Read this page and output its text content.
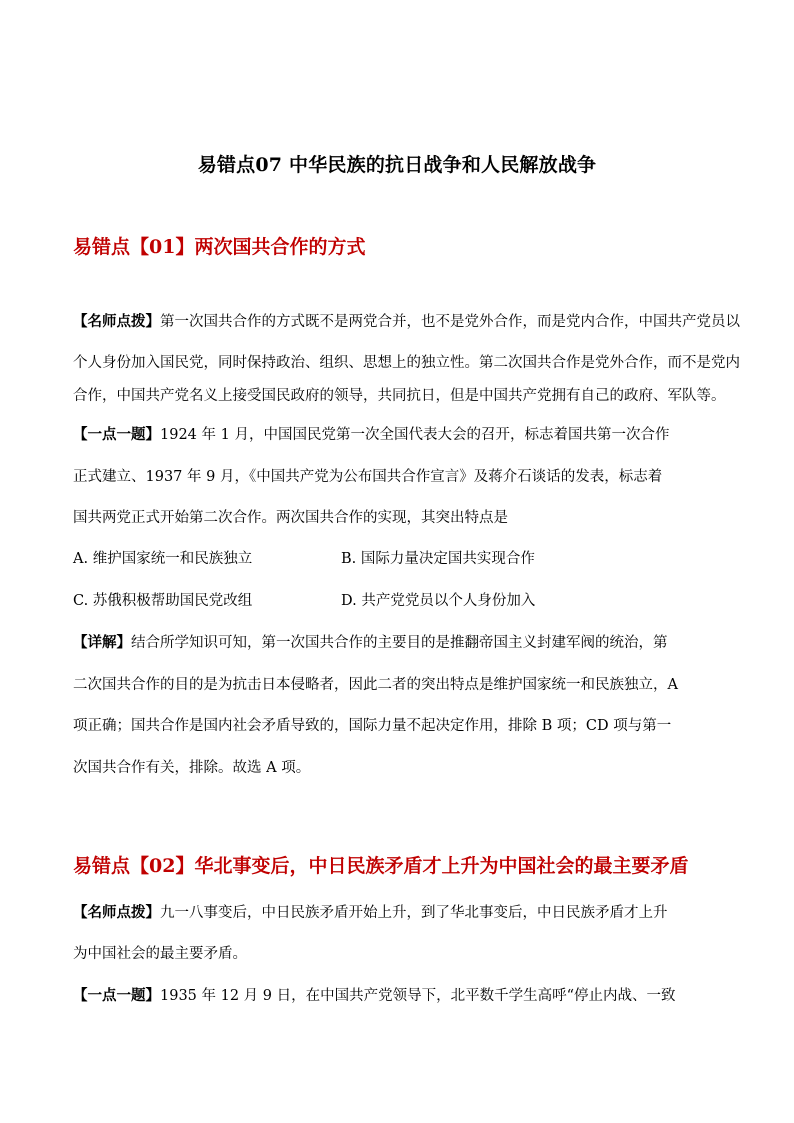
易错点07 中华民族的抗日战争和人民解放战争
易错点【01】两次国共合作的方式
【名师点拨】第一次国共合作的方式既不是两党合并，也不是党外合作，而是党内合作，中国共产党员以
个人身份加入国民党，同时保持政治、组织、思想上的独立性。第二次国共合作是党外合作，而不是党内
合作，中国共产党名义上接受国民政府的领导，共同抗日，但是中国共产党拥有自己的政府、军队等。
【一点一题】1924 年 1 月，中国国民党第一次全国代表大会的召开，标志着国共第一次合作
正式建立、1937 年 9 月，《中国共产党为公布国共合作宣言》及蒋介石谈话的发表，标志着
国共两党正式开始第二次合作。两次国共合作的实现，其突出特点是
A. 维护国家统一和民族独立	B. 国际力量决定国共实现合作
C. 苏俄积极帮助国民党改组	D. 共产党党员以个人身份加入
【详解】结合所学知识可知，第一次国共合作的主要目的是推翻帝国主义封建军阀的统治，第
二次国共合作的目的是为抗击日本侵略者，因此二者的突出特点是维护国家统一和民族独立，A
项正确；国共合作是国内社会矛盾导致的，国际力量不起决定作用，排除 B 项；CD 项与第一
次国共合作有关，排除。故选 A 项。
易错点【02】华北事变后，中日民族矛盾才上升为中国社会的最主要矛盾
【名师点拨】九一八事变后，中日民族矛盾开始上升，到了华北事变后，中日民族矛盾才上升
为中国社会的最主要矛盾。
【一点一题】1935 年 12 月 9 日，在中国共产党领导下，北平数千学生高呼“停止内战、一致
